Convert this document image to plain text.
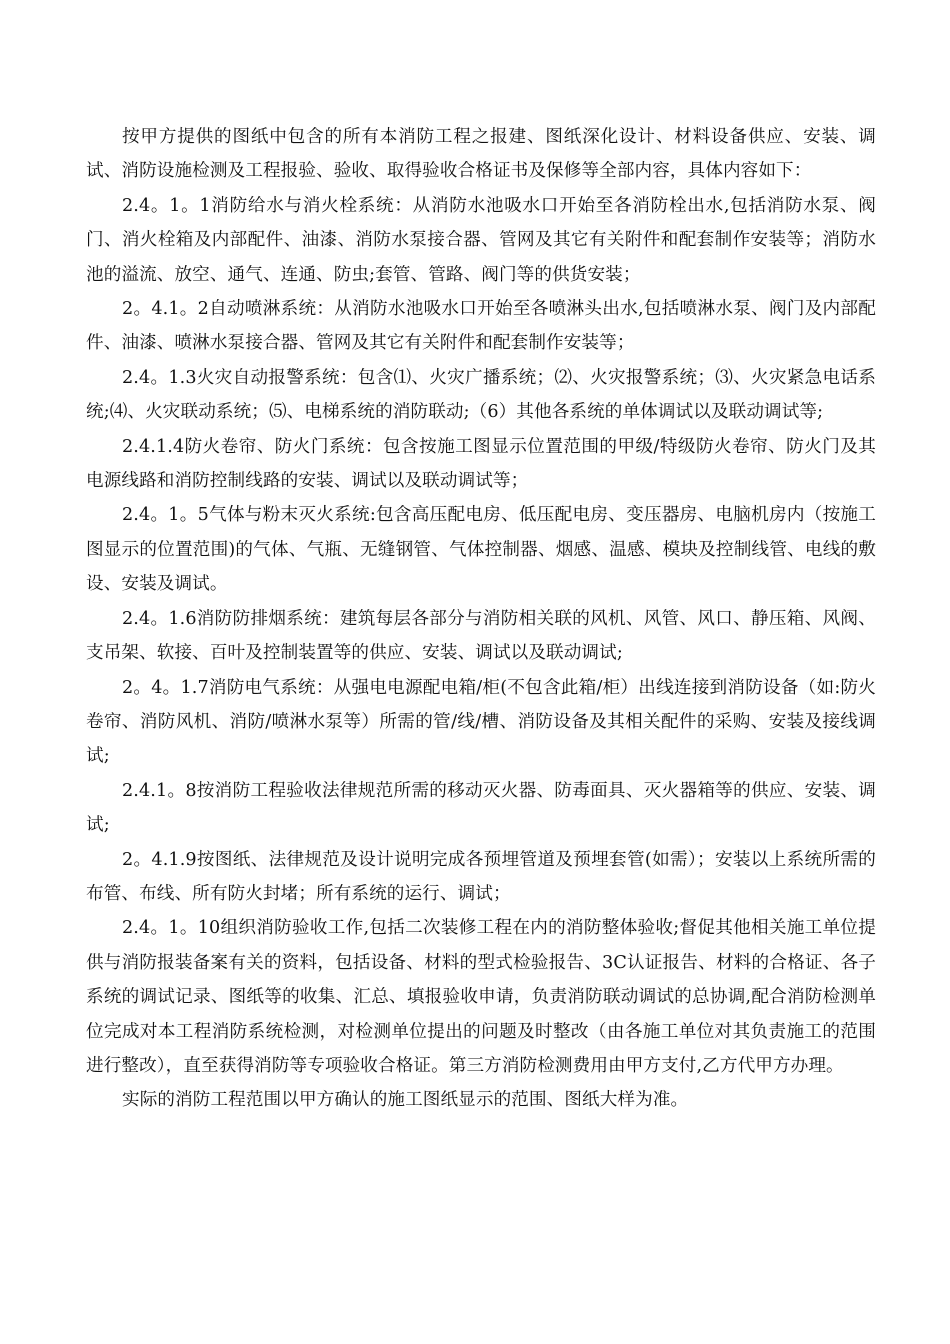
按甲方提供的图纸中包含的所有本消防工程之报建、图纸深化设计、材料设备供应、安装、调试、消防设施检测及工程报验、验收、取得验收合格证书及保修等全部内容，具体内容如下：

2.4。1。1消防给水与消火栓系统：从消防水池吸水口开始至各消防栓出水,包括消防水泵、阀门、消火栓箱及内部配件、油漆、消防水泵接合器、管网及其它有关附件和配套制作安装等；消防水池的溢流、放空、通气、连通、防虫;套管、管路、阀门等的供货安装；

2。4.1。2自动喷淋系统：从消防水池吸水口开始至各喷淋头出水,包括喷淋水泵、阀门及内部配件、油漆、喷淋水泵接合器、管网及其它有关附件和配套制作安装等；

2.4。1.3火灾自动报警系统：包含⑴、火灾广播系统；⑵、火灾报警系统；⑶、火灾紧急电话系统;⑷、火灾联动系统；⑸、电梯系统的消防联动;（6）其他各系统的单体调试以及联动调试等;

2.4.1.4防火卷帘、防火门系统：包含按施工图显示位置范围的甲级/特级防火卷帘、防火门及其电源线路和消防控制线路的安装、调试以及联动调试等；

2.4。1。5气体与粉末灭火系统:包含高压配电房、低压配电房、变压器房、电脑机房内（按施工图显示的位置范围)的气体、气瓶、无缝钢管、气体控制器、烟感、温感、模块及控制线管、电线的敷设、安装及调试。

2.4。1.6消防防排烟系统：建筑每层各部分与消防相关联的风机、风管、风口、静压箱、风阀、支吊架、软接、百叶及控制装置等的供应、安装、调试以及联动调试;

2。4。1.7消防电气系统：从强电电源配电箱/柜(不包含此箱/柜）出线连接到消防设备（如:防火卷帘、消防风机、消防/喷淋水泵等）所需的管/线/槽、消防设备及其相关配件的采购、安装及接线调试;

2.4.1。8按消防工程验收法律规范所需的移动灭火器、防毒面具、灭火器箱等的供应、安装、调试;

2。4.1.9按图纸、法律规范及设计说明完成各预埋管道及预埋套管(如需）；安装以上系统所需的布管、布线、所有防火封堵；所有系统的运行、调试；

2.4。1。10组织消防验收工作,包括二次装修工程在内的消防整体验收;督促其他相关施工单位提供与消防报装备案有关的资料，包括设备、材料的型式检验报告、3C认证报告、材料的合格证、各子系统的调试记录、图纸等的收集、汇总、填报验收申请，负责消防联动调试的总协调,配合消防检测单位完成对本工程消防系统检测，对检测单位提出的问题及时整改（由各施工单位对其负责施工的范围进行整改），直至获得消防等专项验收合格证。第三方消防检测费用由甲方支付,乙方代甲方办理。

实际的消防工程范围以甲方确认的施工图纸显示的范围、图纸大样为准。
